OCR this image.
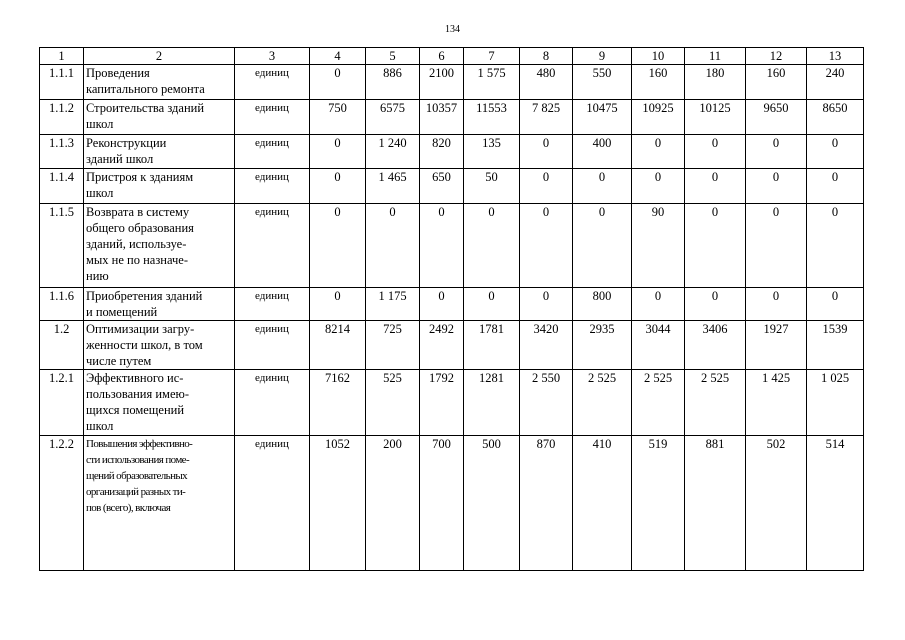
134
1	2	3	4	5	6	7	8	9	10	11	12	13
1.1.1	Проведения
капитального ремонта	единиц	0	886	2100	1 575	480	550	160	180	160	240
1.1.2	Строительства зданий
школ	единиц	750	6575	10357	11553	7 825	10475	10925	10125	9650	8650
1.1.3	Реконструкции
зданий школ	единиц	0	1 240	820	135	0	400	0	0	0	0
1.1.4	Пристроя к зданиям
школ	единиц	0	1 465	650	50	0	0	0	0	0	0
1.1.5	Возврата в систему
общего образования
зданий, используе-
мых не по назначе-
нию	единиц	0	0	0	0	0	0	90	0	0	0
1.1.6	Приобретения зданий
и помещений	единиц	0	1 175	0	0	0	800	0	0	0	0
1.2	Оптимизации загру-
женности школ, в том
числе путем	единиц	8214	725	2492	1781	3420	2935	3044	3406	1927	1539
1.2.1	Эффективного ис-
пользования имею-
щихся помещений
школ	единиц	7162	525	1792	1281	2 550	2 525	2 525	2 525	1 425	1 025
1.2.2	Повышения эффективно-
сти использования поме-
щений образовательных
организаций разных ти-
пов (всего), включая	единиц	1052	200	700	500	870	410	519	881	502	514
